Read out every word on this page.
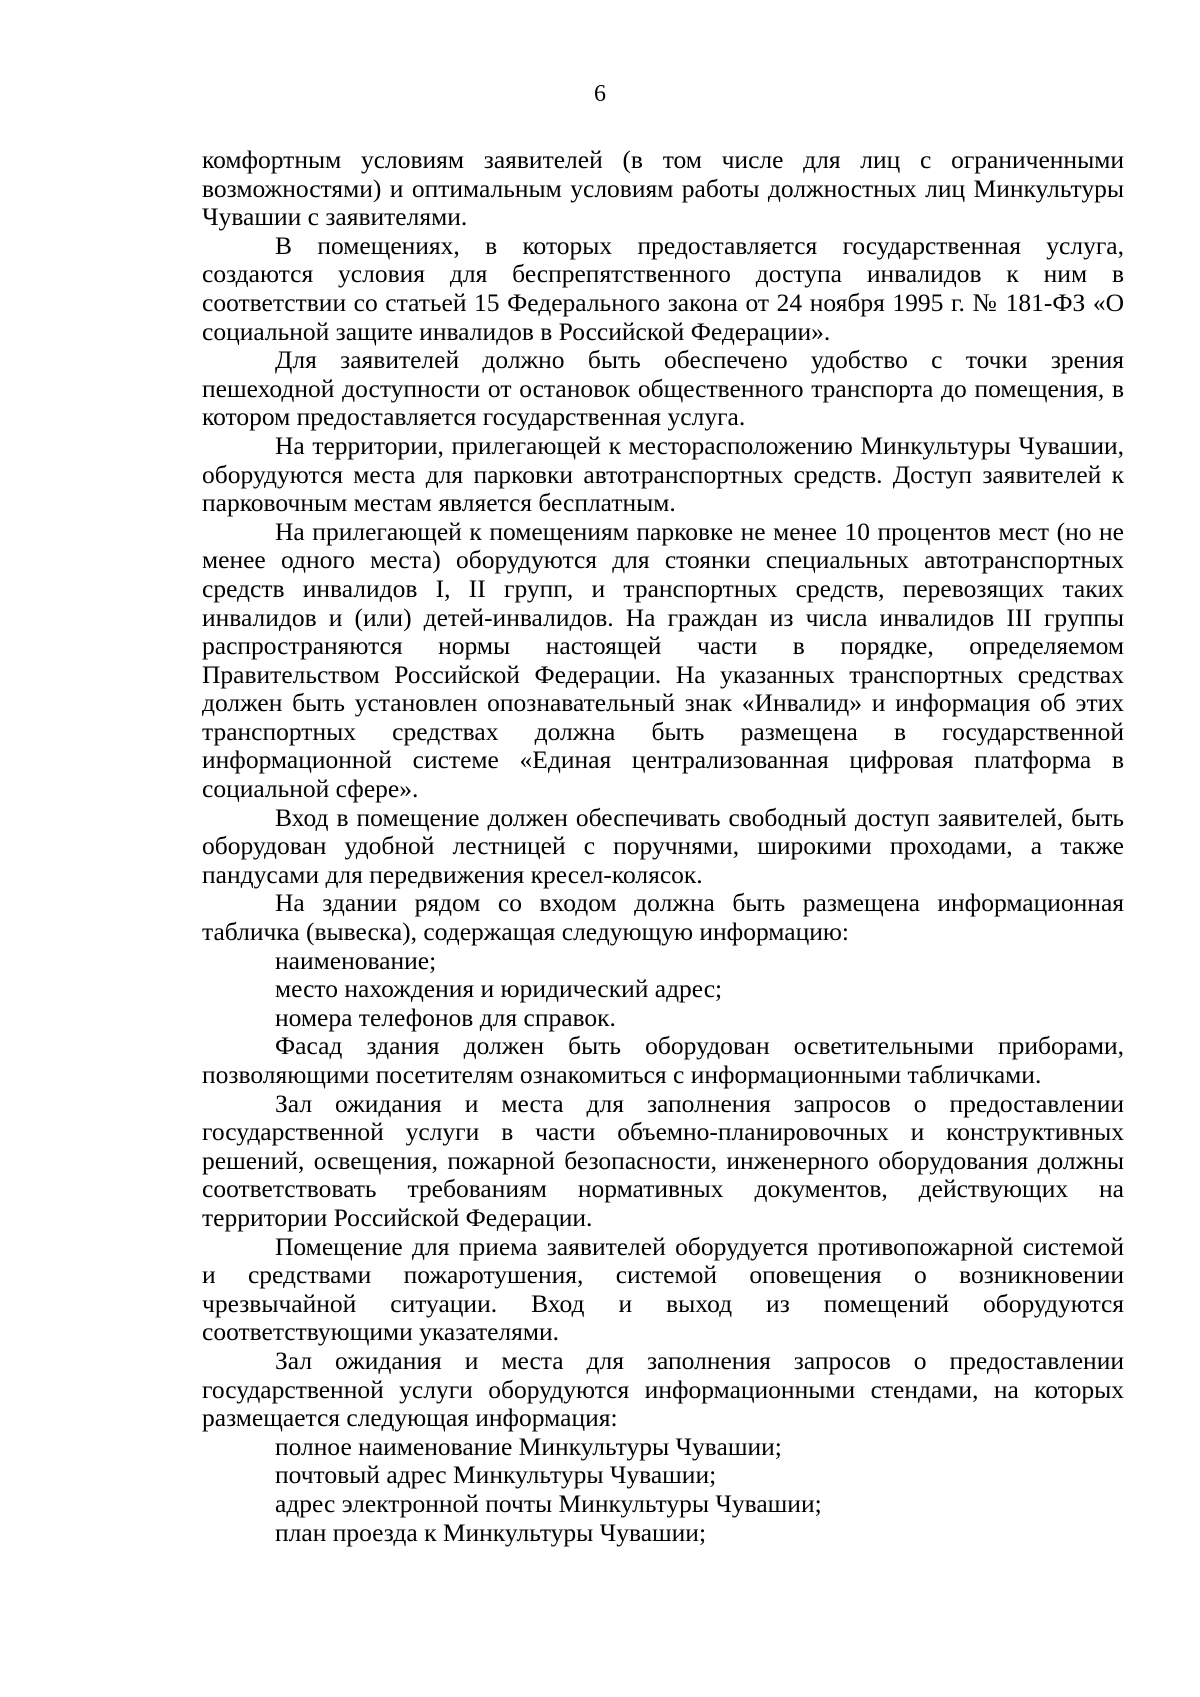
6

комфортным условиям заявителей (в том числе для лиц с ограниченными возможностями) и оптимальным условиям работы должностных лиц Минкультуры Чувашии с заявителями.

В помещениях, в которых предоставляется государственная услуга, создаются условия для беспрепятственного доступа инвалидов к ним в соответствии со статьей 15 Федерального закона от 24 ноября 1995 г. № 181-ФЗ «О социальной защите инвалидов в Российской Федерации».

Для заявителей должно быть обеспечено удобство с точки зрения пешеходной доступности от остановок общественного транспорта до помещения, в котором предоставляется государственная услуга.

На территории, прилегающей к месторасположению Минкультуры Чувашии, оборудуются места для парковки автотранспортных средств. Доступ заявителей к парковочным местам является бесплатным.

На прилегающей к помещениям парковке не менее 10 процентов мест (но не менее одного места) оборудуются для стоянки специальных автотранспортных средств инвалидов I, II групп, и транспортных средств, перевозящих таких инвалидов и (или) детей-инвалидов. На граждан из числа инвалидов III группы распространяются нормы настоящей части в порядке, определяемом Правительством Российской Федерации. На указанных транспортных средствах должен быть установлен опознавательный знак «Инвалид» и информация об этих транспортных средствах должна быть размещена в государственной информационной системе «Единая централизованная цифровая платформа в социальной сфере».

Вход в помещение должен обеспечивать свободный доступ заявителей, быть оборудован удобной лестницей с поручнями, широкими проходами, а также пандусами для передвижения кресел-колясок.

На здании рядом со входом должна быть размещена информационная табличка (вывеска), содержащая следующую информацию:

наименование;

место нахождения и юридический адрес;

номера телефонов для справок.

Фасад здания должен быть оборудован осветительными приборами, позволяющими посетителям ознакомиться с информационными табличками.

Зал ожидания и места для заполнения запросов о предоставлении государственной услуги в части объемно-планировочных и конструктивных решений, освещения, пожарной безопасности, инженерного оборудования должны соответствовать требованиям нормативных документов, действующих на территории Российской Федерации.

Помещение для приема заявителей оборудуется противопожарной системой и средствами пожаротушения, системой оповещения о возникновении чрезвычайной ситуации. Вход и выход из помещений оборудуются соответствующими указателями.

Зал ожидания и места для заполнения запросов о предоставлении государственной услуги оборудуются информационными стендами, на которых размещается следующая информация:

полное наименование Минкультуры Чувашии;

почтовый адрес Минкультуры Чувашии;

адрес электронной почты Минкультуры Чувашии;

план проезда к Минкультуры Чувашии;
